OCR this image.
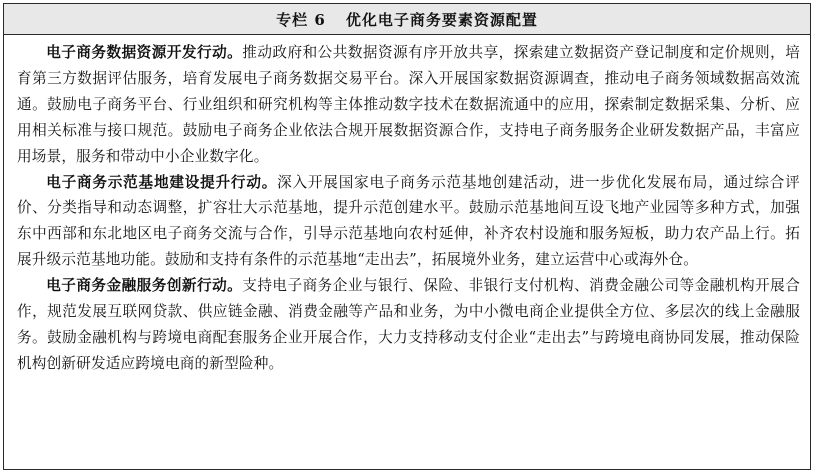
专栏 6 优化电子商务要素资源配置

电子商务数据资源开发行动。推动政府和公共数据资源有序开放共享，探索建立数据资产登记制度和定价规则，培育第三方数据评估服务，培育发展电子商务数据交易平台。深入开展国家数据资源调查，推动电子商务领域数据高效流通。鼓励电子商务平台、行业组织和研究机构等主体推动数字技术在数据流通中的应用，探索制定数据采集、分析、应用相关标准与接口规范。鼓励电子商务企业依法合规开展数据资源合作，支持电子商务服务企业研发数据产品，丰富应用场景，服务和带动中小企业数字化。

电子商务示范基地建设提升行动。深入开展国家电子商务示范基地创建活动，进一步优化发展布局，通过综合评价、分类指导和动态调整，扩容壮大示范基地，提升示范创建水平。鼓励示范基地间互设飞地产业园等多种方式，加强东中西部和东北地区电子商务交流与合作，引导示范基地向农村延伸，补齐农村设施和服务短板，助力农产品上行。拓展升级示范基地功能。鼓励和支持有条件的示范基地“走出去”，拓展境外业务，建立运营中心或海外仓。

电子商务金融服务创新行动。支持电子商务企业与银行、保险、非银行支付机构、消费金融公司等金融机构开展合作，规范发展互联网贷款、供应链金融、消费金融等产品和业务，为中小微电商企业提供全方位、多层次的线上金融服务。鼓励金融机构与跨境电商配套服务企业开展合作，大力支持移动支付企业“走出去”与跨境电商协同发展，推动保险机构创新研发适应跨境电商的新型险种。
